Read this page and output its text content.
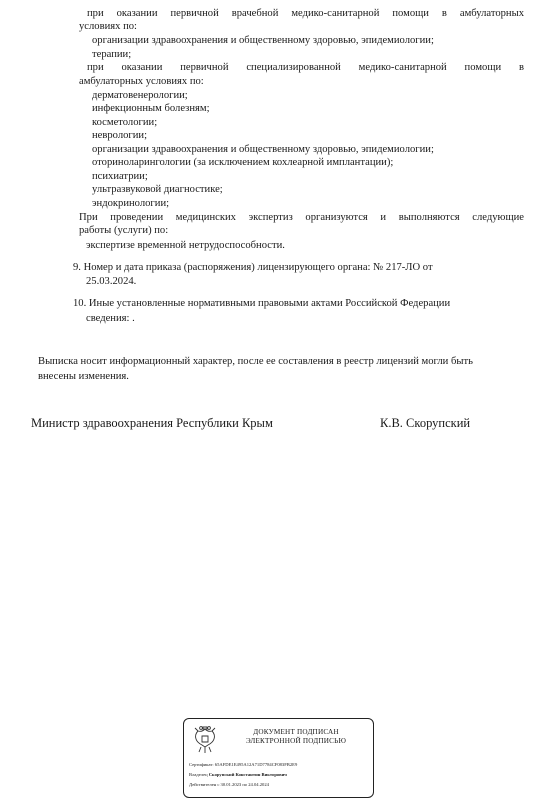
при оказании первичной врачебной медико-санитарной помощи в амбулаторных
условиях по:
организации здравоохранения и общественному здоровью, эпидемиологии;
терапии;
при оказании первичной специализированной медико-санитарной помощи в
амбулаторных условиях по:
дерматовенерологии;
инфекционным болезням;
косметологии;
неврологии;
организации здравоохранения и общественному здоровью, эпидемиологии;
оториноларингологии (за исключением кохлеарной имплантации);
психиатрии;
ультразвуковой диагностике;
эндокринологии;
При проведении медицинских экспертиз организуются и выполняются следующие
работы (услуги) по:
экспертизе временной нетрудоспособности.
9. Номер и дата приказа (распоряжения) лицензирующего органа: № 217-ЛО от
25.03.2024.
10. Иные установленные нормативными правовыми актами Российской Федерации
сведения: .
Выписка носит информационный характер, после ее составления в реестр лицензий могли быть
внесены изменения.
Министр здравоохранения Республики Крым	К.В. Скорупский
ДОКУМЕНТ ПОДПИСАН
ЭЛЕКТРОННОЙ ПОДПИСЬЮ
Сертификат: 65AFDE1E495A12A71D7784CF083FB2E9
Владелец Скорупский Константин Викторович
Действителен с 30.01.2023 по 24.04.2024
